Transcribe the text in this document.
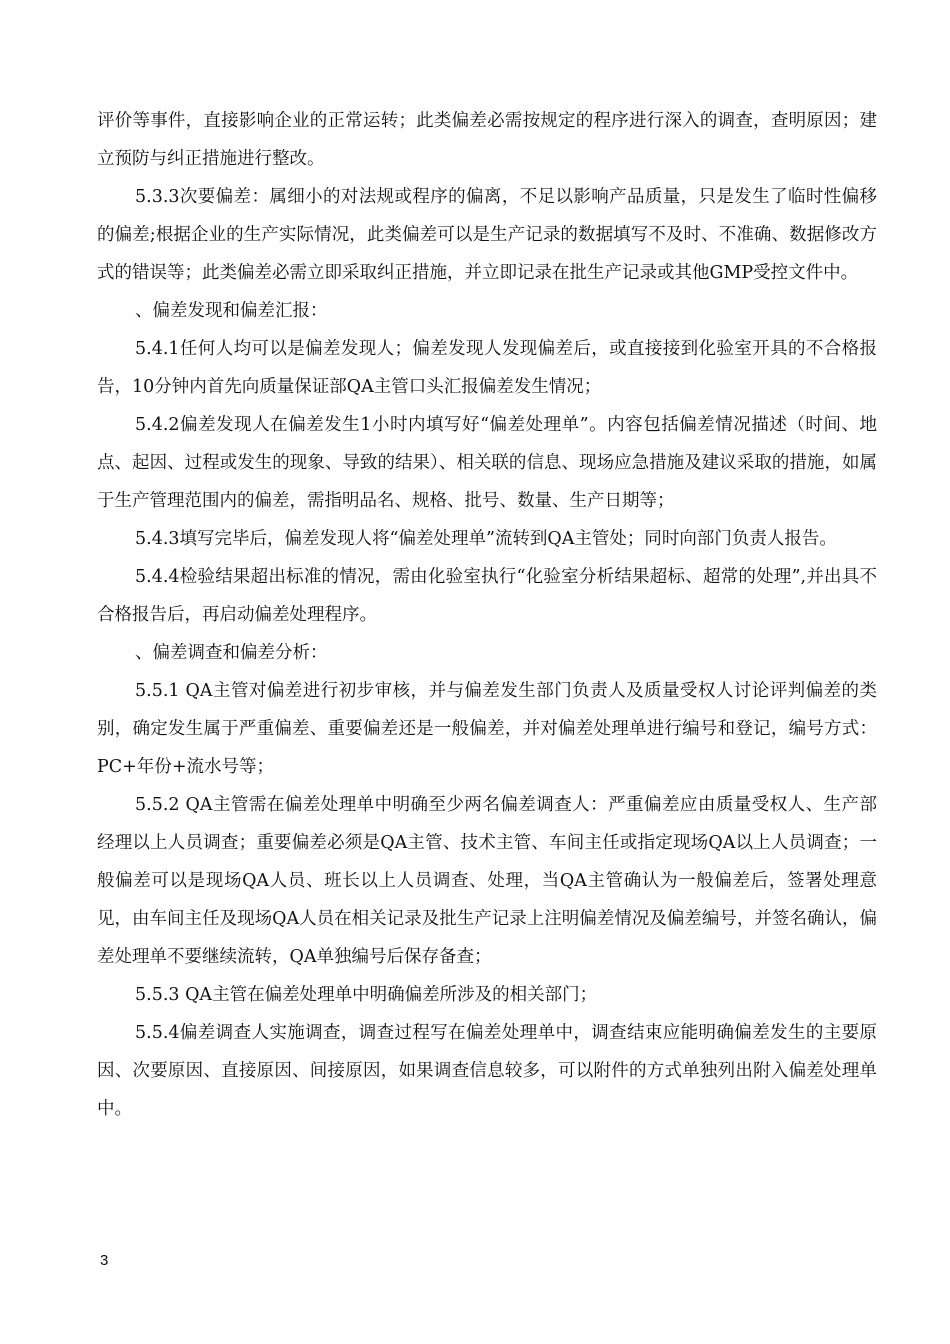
评价等事件，直接影响企业的正常运转；此类偏差必需按规定的程序进行深入的调查，查明原因；建立预防与纠正措施进行整改。

5.3.3次要偏差：属细小的对法规或程序的偏离，不足以影响产品质量，只是发生了临时性偏移的偏差;根据企业的生产实际情况，此类偏差可以是生产记录的数据填写不及时、不准确、数据修改方式的错误等；此类偏差必需立即采取纠正措施，并立即记录在批生产记录或其他GMP受控文件中。

、偏差发现和偏差汇报：

5.4.1任何人均可以是偏差发现人；偏差发现人发现偏差后，或直接接到化验室开具的不合格报告，10分钟内首先向质量保证部QA主管口头汇报偏差发生情况；

5.4.2偏差发现人在偏差发生1小时内填写好“偏差处理单”。内容包括偏差情况描述（时间、地点、起因、过程或发生的现象、导致的结果）、相关联的信息、现场应急措施及建议采取的措施，如属于生产管理范围内的偏差，需指明品名、规格、批号、数量、生产日期等；

5.4.3填写完毕后，偏差发现人将“偏差处理单”流转到QA主管处；同时向部门负责人报告。

5.4.4检验结果超出标准的情况，需由化验室执行“化验室分析结果超标、超常的处理”,并出具不合格报告后，再启动偏差处理程序。

、偏差调查和偏差分析：

5.5.1 QA主管对偏差进行初步审核，并与偏差发生部门负责人及质量受权人讨论评判偏差的类别，确定发生属于严重偏差、重要偏差还是一般偏差，并对偏差处理单进行编号和登记，编号方式：PC+年份+流水号等；

5.5.2 QA主管需在偏差处理单中明确至少两名偏差调查人：严重偏差应由质量受权人、生产部经理以上人员调查；重要偏差必须是QA主管、技术主管、车间主任或指定现场QA以上人员调查；一般偏差可以是现场QA人员、班长以上人员调查、处理，当QA主管确认为一般偏差后，签署处理意见，由车间主任及现场QA人员在相关记录及批生产记录上注明偏差情况及偏差编号，并签名确认，偏差处理单不要继续流转，QA单独编号后保存备查；

5.5.3 QA主管在偏差处理单中明确偏差所涉及的相关部门；

5.5.4偏差调查人实施调查，调查过程写在偏差处理单中，调查结束应能明确偏差发生的主要原因、次要原因、直接原因、间接原因，如果调查信息较多，可以附件的方式单独列出附入偏差处理单中。

3
